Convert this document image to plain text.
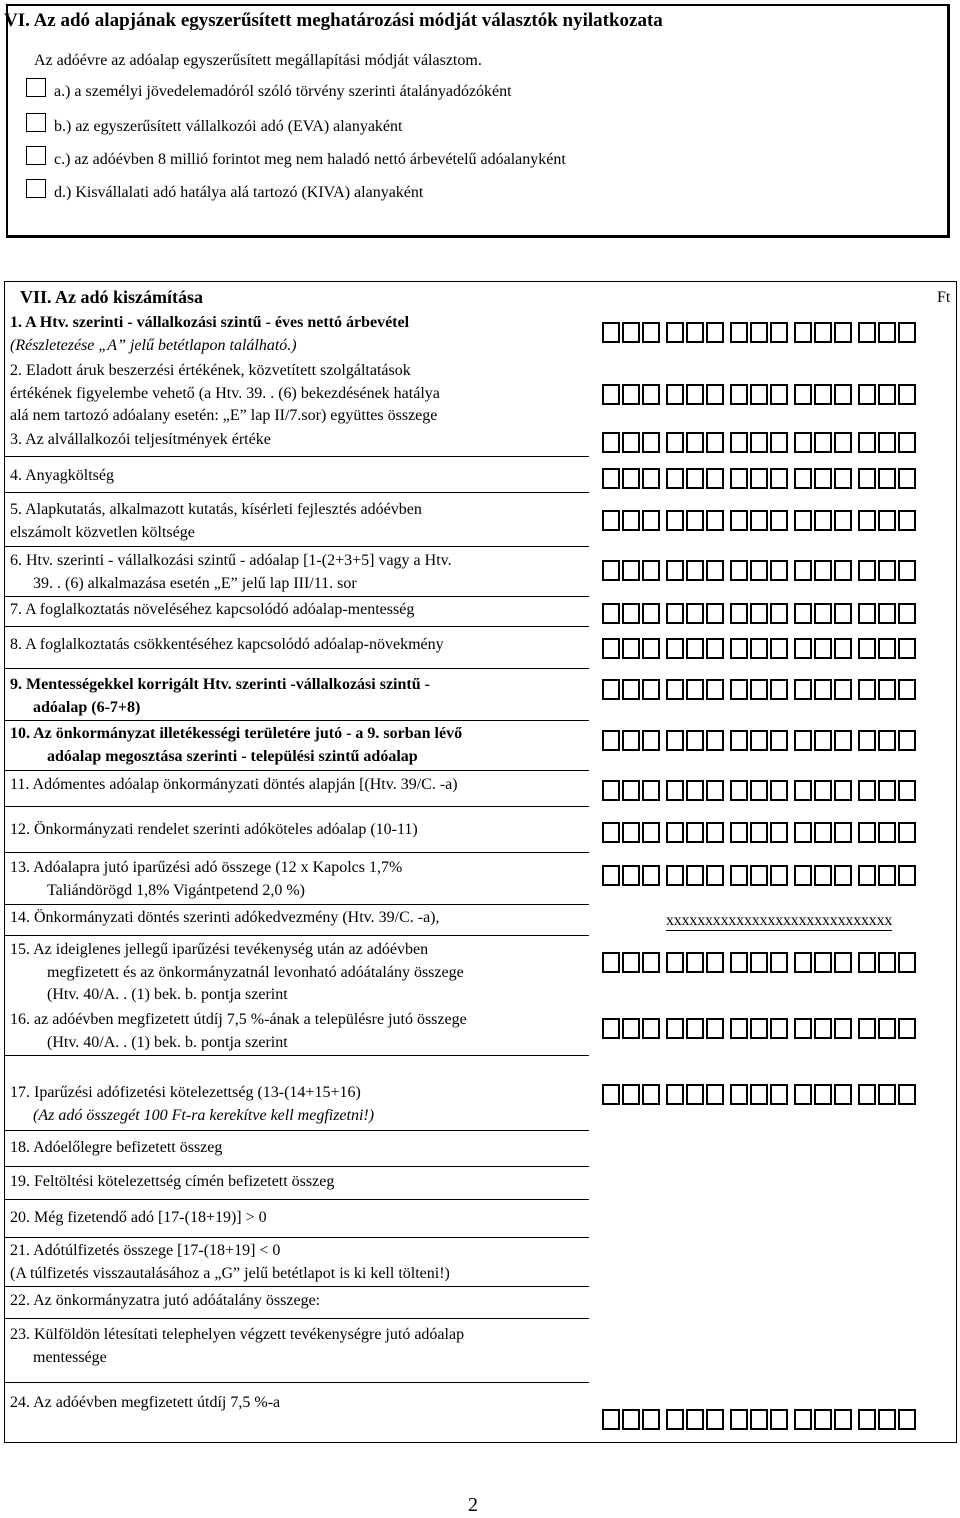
VI. Az adó alapjának egyszerűsített meghatározási módját választók nyilatkozata
Az adóévre az adóalap egyszerűsített megállapítási módját választom.
a.) a személyi jövedelemadóról szóló törvény szerinti átalányadózóként
b.) az egyszerűsített vállalkozói adó (EVA) alanyaként
c.) az adóévben 8 millió forintot meg nem haladó nettó árbevételű adóalanyként
d.) Kisvállalati adó hatálya alá tartozó (KIVA) alanyaként
VII. Az adó kiszámítása	Ft
1. A Htv. szerinti - vállalkozási szintű - éves nettó árbevétel
(Részletezése „A” jelű betétlapon található.)
2. Eladott áruk beszerzési értékének, közvetített szolgáltatások
értékének figyelembe vehető (a Htv. 39. . (6) bekezdésének hatálya
alá nem tartozó adóalany esetén: „E” lap II/7.sor) együttes összege
3. Az alvállalkozói teljesítmények értéke
4. Anyagköltség
5. Alapkutatás, alkalmazott kutatás, kísérleti fejlesztés adóévben
elszámolt közvetlen költsége
6. Htv. szerinti - vállalkozási szintű - adóalap [1-(2+3+5] vagy a Htv.
39. . (6) alkalmazása esetén „E” jelű lap III/11. sor
7. A foglalkoztatás növeléséhez kapcsolódó adóalap-mentesség
8. A foglalkoztatás csökkentéséhez kapcsolódó adóalap-növekmény
9. Mentességekkel korrigált Htv. szerinti -vállalkozási szintű -
adóalap (6-7+8)
10. Az önkormányzat illetékességi területére jutó - a 9. sorban lévő
adóalap megosztása szerinti - települési szintű adóalap
11. Adómentes adóalap önkormányzati döntés alapján [(Htv. 39/C. -a)
12. Önkormányzati rendelet szerinti adóköteles adóalap (10-11)
13. Adóalapra jutó iparűzési adó összege (12 x Kapolcs 1,7%
Taliándörögd 1,8% Vigántpetend 2,0 %)
14. Önkormányzati döntés szerinti adókedvezmény (Htv. 39/C. -a),	xxxxxxxxxxxxxxxxxxxxxxxxxxxxx
15. Az ideiglenes jellegű iparűzési tevékenység után az adóévben
megfizetett és az önkormányzatnál levonható adóátalány összege
(Htv. 40/A. . (1) bek. b. pontja szerint
16. az adóévben megfizetett útdíj 7,5 %-ának a településre jutó összege
(Htv. 40/A. . (1) bek. b. pontja szerint
17. Iparűzési adófizetési kötelezettség (13-(14+15+16)
(Az adó összegét 100 Ft-ra kerekítve kell megfizetni!)
18. Adóelőlegre befizetett összeg
19. Feltöltési kötelezettség címén befizetett összeg
20. Még fizetendő adó [17-(18+19)] > 0
21. Adótúlfizetés összege [17-(18+19] < 0
(A túlfizetés visszautalásához a „G” jelű betétlapot is ki kell tölteni!)
22. Az önkormányzatra jutó adóátalány összege:
23. Külföldön létesítati telephelyen végzett tevékenységre jutó adóalap
mentessége
24. Az adóévben megfizetett útdíj 7,5 %-a
2
